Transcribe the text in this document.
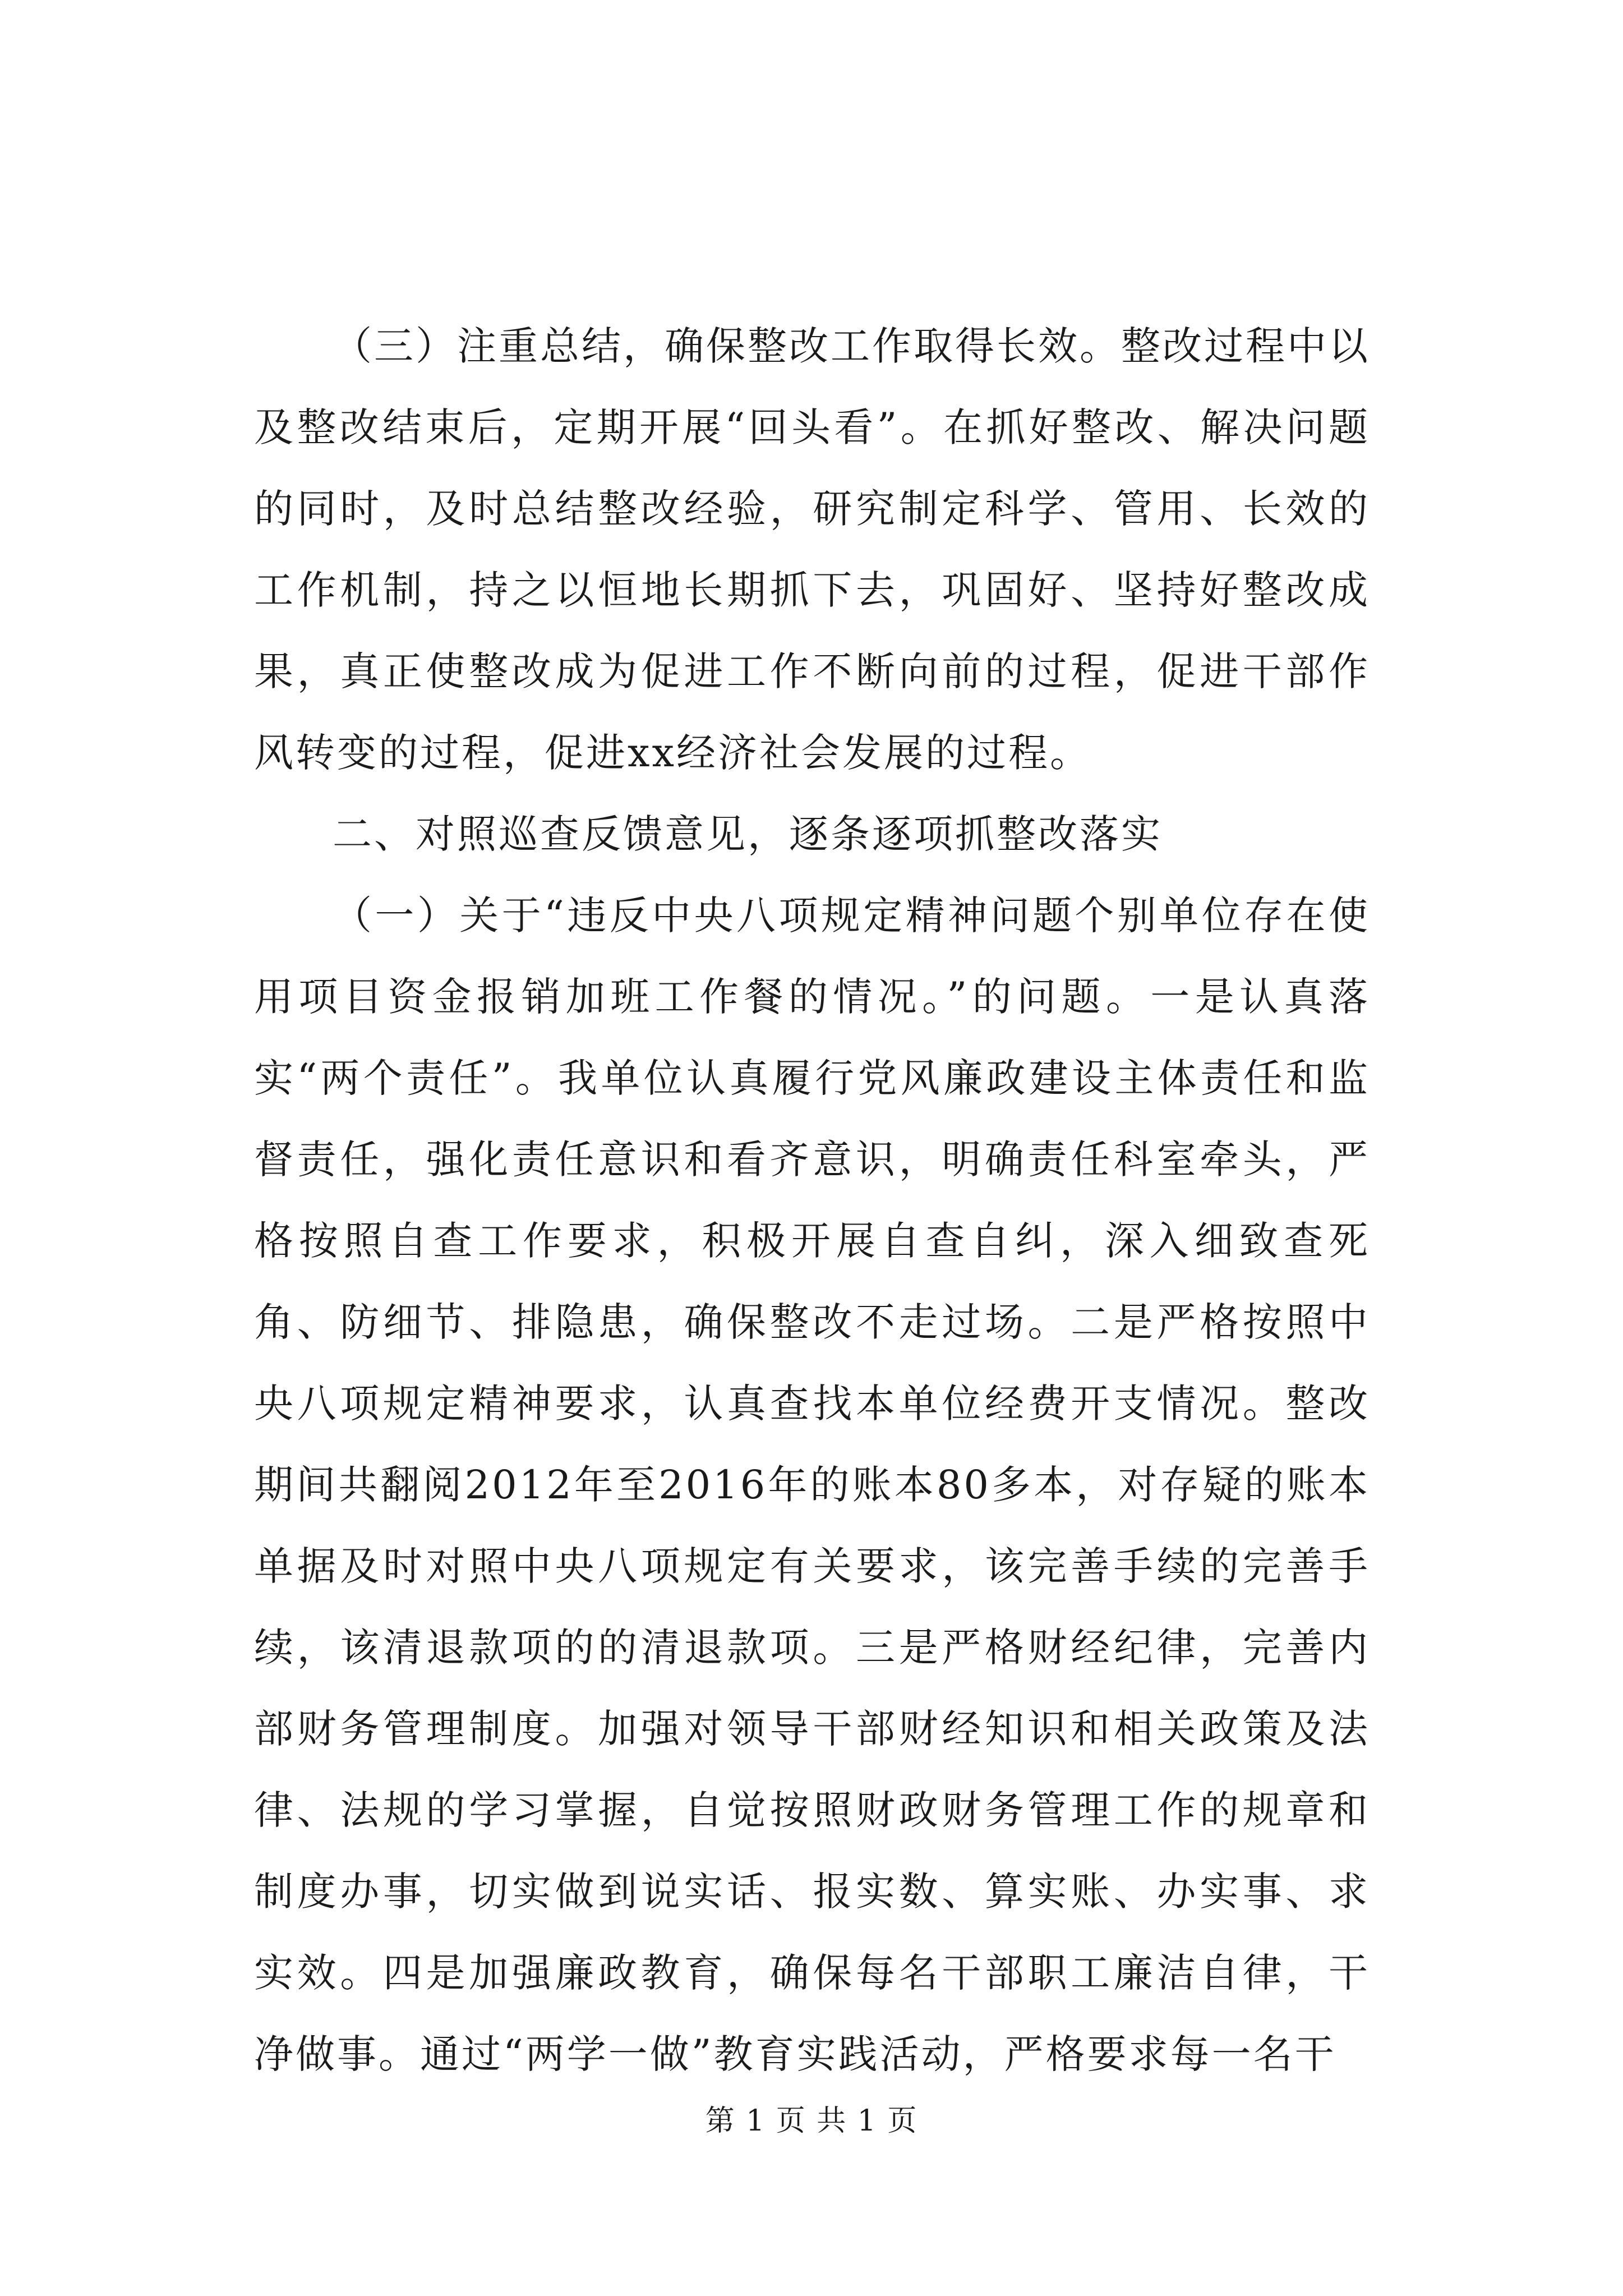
（三）注重总结，确保整改工作取得长效。整改过程中以及整改结束后，定期开展“回头看”。在抓好整改、解决问题的同时，及时总结整改经验，研究制定科学、管用、长效的工作机制，持之以恒地长期抓下去，巩固好、坚持好整改成果，真正使整改成为促进工作不断向前的过程，促进干部作风转变的过程，促进xx经济社会发展的过程。

二、对照巡查反馈意见，逐条逐项抓整改落实

（一）关于“违反中央八项规定精神问题个别单位存在使用项目资金报销加班工作餐的情况。”的问题。一是认真落实“两个责任”。我单位认真履行党风廉政建设主体责任和监督责任，强化责任意识和看齐意识，明确责任科室牵头，严格按照自查工作要求，积极开展自查自纠，深入细致查死角、防细节、排隐患，确保整改不走过场。二是严格按照中央八项规定精神要求，认真查找本单位经费开支情况。整改期间共翻阅2012年至2016年的账本80多本，对存疑的账本单据及时对照中央八项规定有关要求，该完善手续的完善手续，该清退款项的的清退款项。三是严格财经纪律，完善内部财务管理制度。加强对领导干部财经知识和相关政策及法律、法规的学习掌握，自觉按照财政财务管理工作的规章和制度办事，切实做到说实话、报实数、算实账、办实事、求实效。四是加强廉政教育，确保每名干部职工廉洁自律，干净做事。通过“两学一做”教育实践活动，严格要求每一名干

第 1 页 共 1 页
